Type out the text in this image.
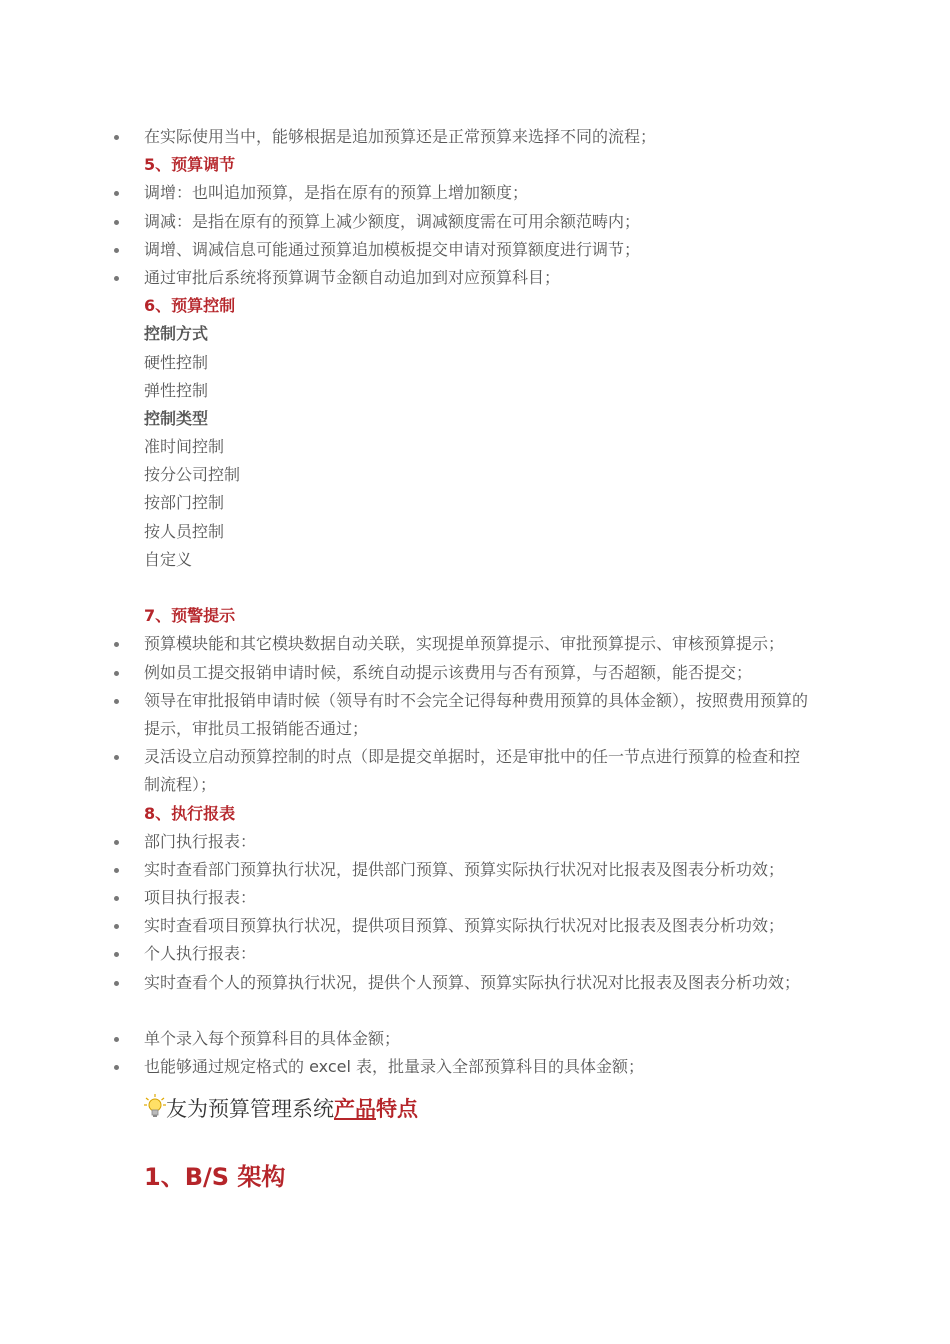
在实际使用当中，能够根据是追加预算还是正常预算来选择不同的流程；
5、预算调节
调增：也叫追加预算，是指在原有的预算上增加额度；
调减：是指在原有的预算上减少额度，调减额度需在可用余额范畴内；
调增、调减信息可能通过预算追加模板提交申请对预算额度进行调节；
通过审批后系统将预算调节金额自动追加到对应预算科目；
6、预算控制
控制方式
硬性控制
弹性控制
控制类型
准时间控制
按分公司控制
按部门控制
按人员控制
自定义
7、预警提示
预算模块能和其它模块数据自动关联，实现提单预算提示、审批预算提示、审核预算提示；
例如员工提交报销申请时候，系统自动提示该费用与否有预算，与否超额，能否提交；
领导在审批报销申请时候（领导有时不会完全记得每种费用预算的具体金额），按照费用预算的提示，审批员工报销能否通过；
灵活设立启动预算控制的时点（即是提交单据时，还是审批中的任一节点进行预算的检查和控制流程）；
8、执行报表
部门执行报表：
实时查看部门预算执行状况，提供部门预算、预算实际执行状况对比报表及图表分析功效；
项目执行报表：
实时查看项目预算执行状况，提供项目预算、预算实际执行状况对比报表及图表分析功效；
个人执行报表：
实时查看个人的预算执行状况，提供个人预算、预算实际执行状况对比报表及图表分析功效；
单个录入每个预算科目的具体金额；
也能够通过规定格式的 excel 表，批量录入全部预算科目的具体金额；
友为预算管理系统产品特点
1、B/S 架构
